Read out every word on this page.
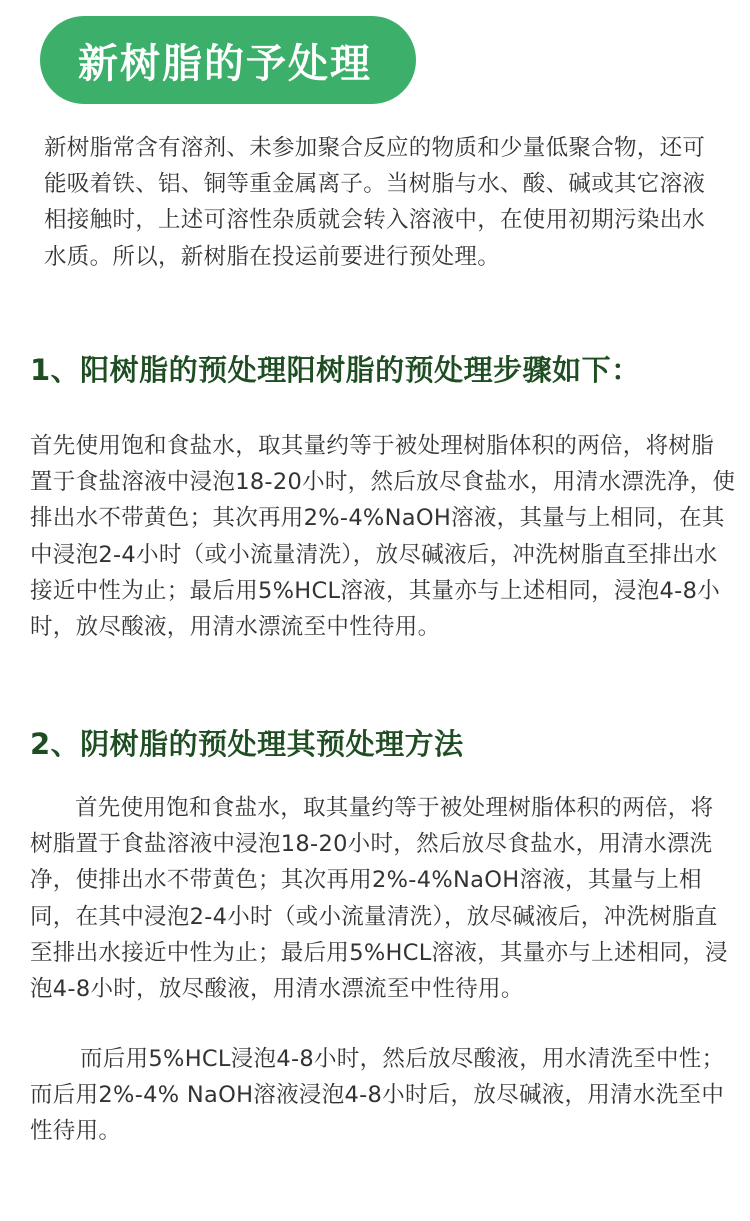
新树脂的予处理

新树脂常含有溶剂、未参加聚合反应的物质和少量低聚合物，还可能吸着铁、铝、铜等重金属离子。当树脂与水、酸、碱或其它溶液相接触时，上述可溶性杂质就会转入溶液中，在使用初期污染出水水质。所以，新树脂在投运前要进行预处理。

1、阳树脂的预处理阳树脂的预处理步骤如下：

首先使用饱和食盐水，取其量约等于被处理树脂体积的两倍，将树脂置于食盐溶液中浸泡18-20小时，然后放尽食盐水，用清水漂洗净，使排出水不带黄色；其次再用2%-4%NaOH溶液，其量与上相同，在其中浸泡2-4小时（或小流量清洗），放尽碱液后，冲洗树脂直至排出水接近中性为止；最后用5%HCL溶液，其量亦与上述相同，浸泡4-8小时，放尽酸液，用清水漂流至中性待用。

2、阴树脂的预处理其预处理方法

首先使用饱和食盐水，取其量约等于被处理树脂体积的两倍，将树脂置于食盐溶液中浸泡18-20小时，然后放尽食盐水，用清水漂洗净，使排出水不带黄色；其次再用2%-4%NaOH溶液，其量与上相同，在其中浸泡2-4小时（或小流量清洗），放尽碱液后，冲洗树脂直至排出水接近中性为止；最后用5%HCL溶液，其量亦与上述相同，浸泡4-8小时，放尽酸液，用清水漂流至中性待用。

而后用5%HCL浸泡4-8小时，然后放尽酸液，用水清洗至中性；而后用2%-4% NaOH溶液浸泡4-8小时后，放尽碱液，用清水洗至中性待用。
